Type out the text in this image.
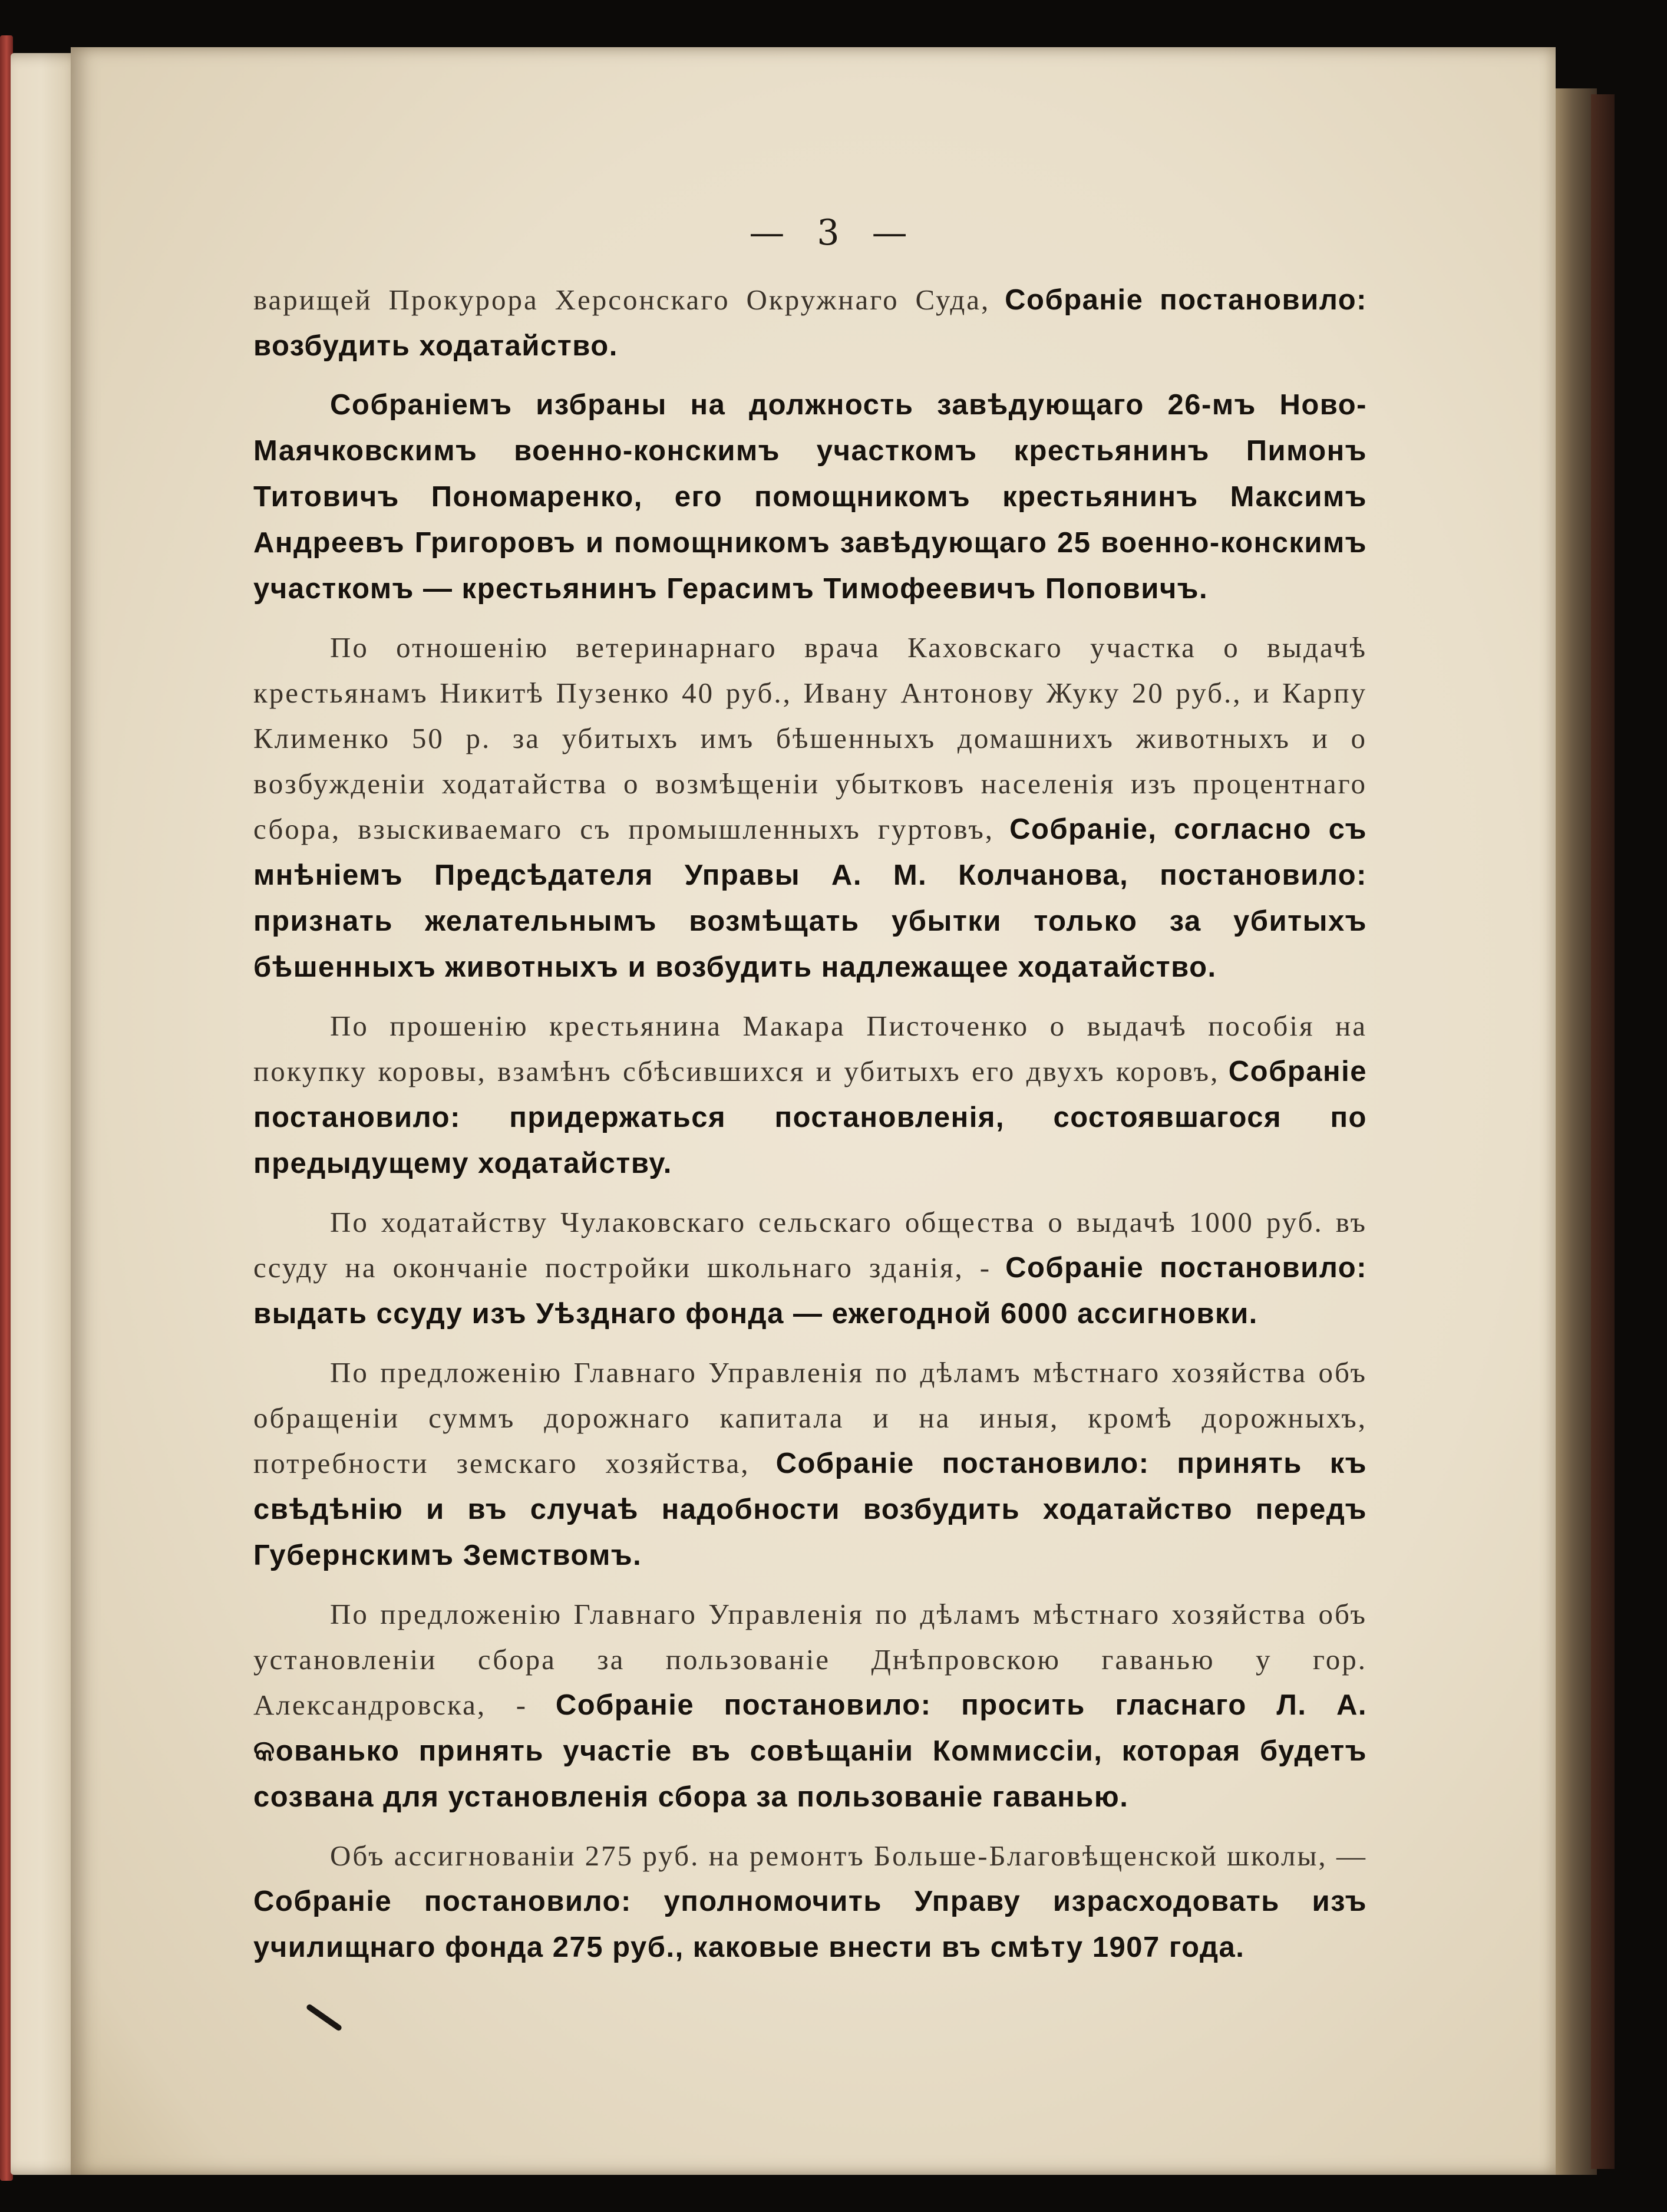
— 3 —

варищей Прокурора Херсонскаго Окружнаго Суда, Собраніе постановило: возбудить ходатайство.

Собраніемъ избраны на должность завѣдующаго 26-мъ Ново-Маячковскимъ военно-конскимъ участкомъ крестьянинъ Пимонъ Титовичъ Пономаренко, его помощникомъ крестьянинъ Максимъ Андреевъ Григоровъ и помощникомъ завѣдующаго 25 военно-конскимъ участкомъ — крестьянинъ Герасимъ Тимофеевичъ Поповичъ.

По отношенію ветеринарнаго врача Каховскаго участка о выдачѣ крестьянамъ Никитѣ Пузенко 40 руб., Ивану Антонову Жуку 20 руб., и Карпу Клименко 50 р. за убитыхъ имъ бѣшенныхъ домашнихъ животныхъ и о возбужденіи ходатайства о возмѣщеніи убытковъ населенія изъ процентнаго сбора, взыскиваемаго съ промышленныхъ гуртовъ, Собраніе, согласно съ мнѣніемъ Предсѣдателя Управы А. М. Колчанова, постановило: признать желательнымъ возмѣщать убытки только за убитыхъ бѣшенныхъ животныхъ и возбудить надлежащее ходатайство.

По прошенію крестьянина Макара Писточенко о выдачѣ пособія на покупку коровы, взамѣнъ сбѣсившихся и убитыхъ его двухъ коровъ, Собраніе постановило: придержаться постановленія, состоявшагося по предыдущему ходатайству.

По ходатайству Чулаковскаго сельскаго общества о выдачѣ 1000 руб. въ ссуду на окончаніе постройки школьнаго зданія, - Собраніе постановило: выдать ссуду изъ Уѣзднаго фонда — ежегодной 6000 ассигновки.

По предложенію Главнаго Управленія по дѣламъ мѣстнаго хозяйства объ обращеніи суммъ дорожнаго капитала и на иныя, кромѣ дорожныхъ, потребности земскаго хозяйства, Собраніе постановило: принять къ свѣдѣнію и въ случаѣ надобности возбудить ходатайство передъ Губернскимъ Земствомъ.

По предложенію Главнаго Управленія по дѣламъ мѣстнаго хозяйства объ установленіи сбора за пользованіе Днѣпровскою гаванью у гор. Александровска, - Собраніе постановило: просить гласнаго Л. А. କованько принять участіе въ совѣщаніи Коммиссіи, которая будетъ созвана для установленія сбора за пользованіе гаванью.

Объ ассигнованіи 275 руб. на ремонтъ Больше-Благовѣщенской школы, — Собраніе постановило: уполномочить Управу израсходовать изъ училищнаго фонда 275 руб., каковые внести въ смѣту 1907 года.
